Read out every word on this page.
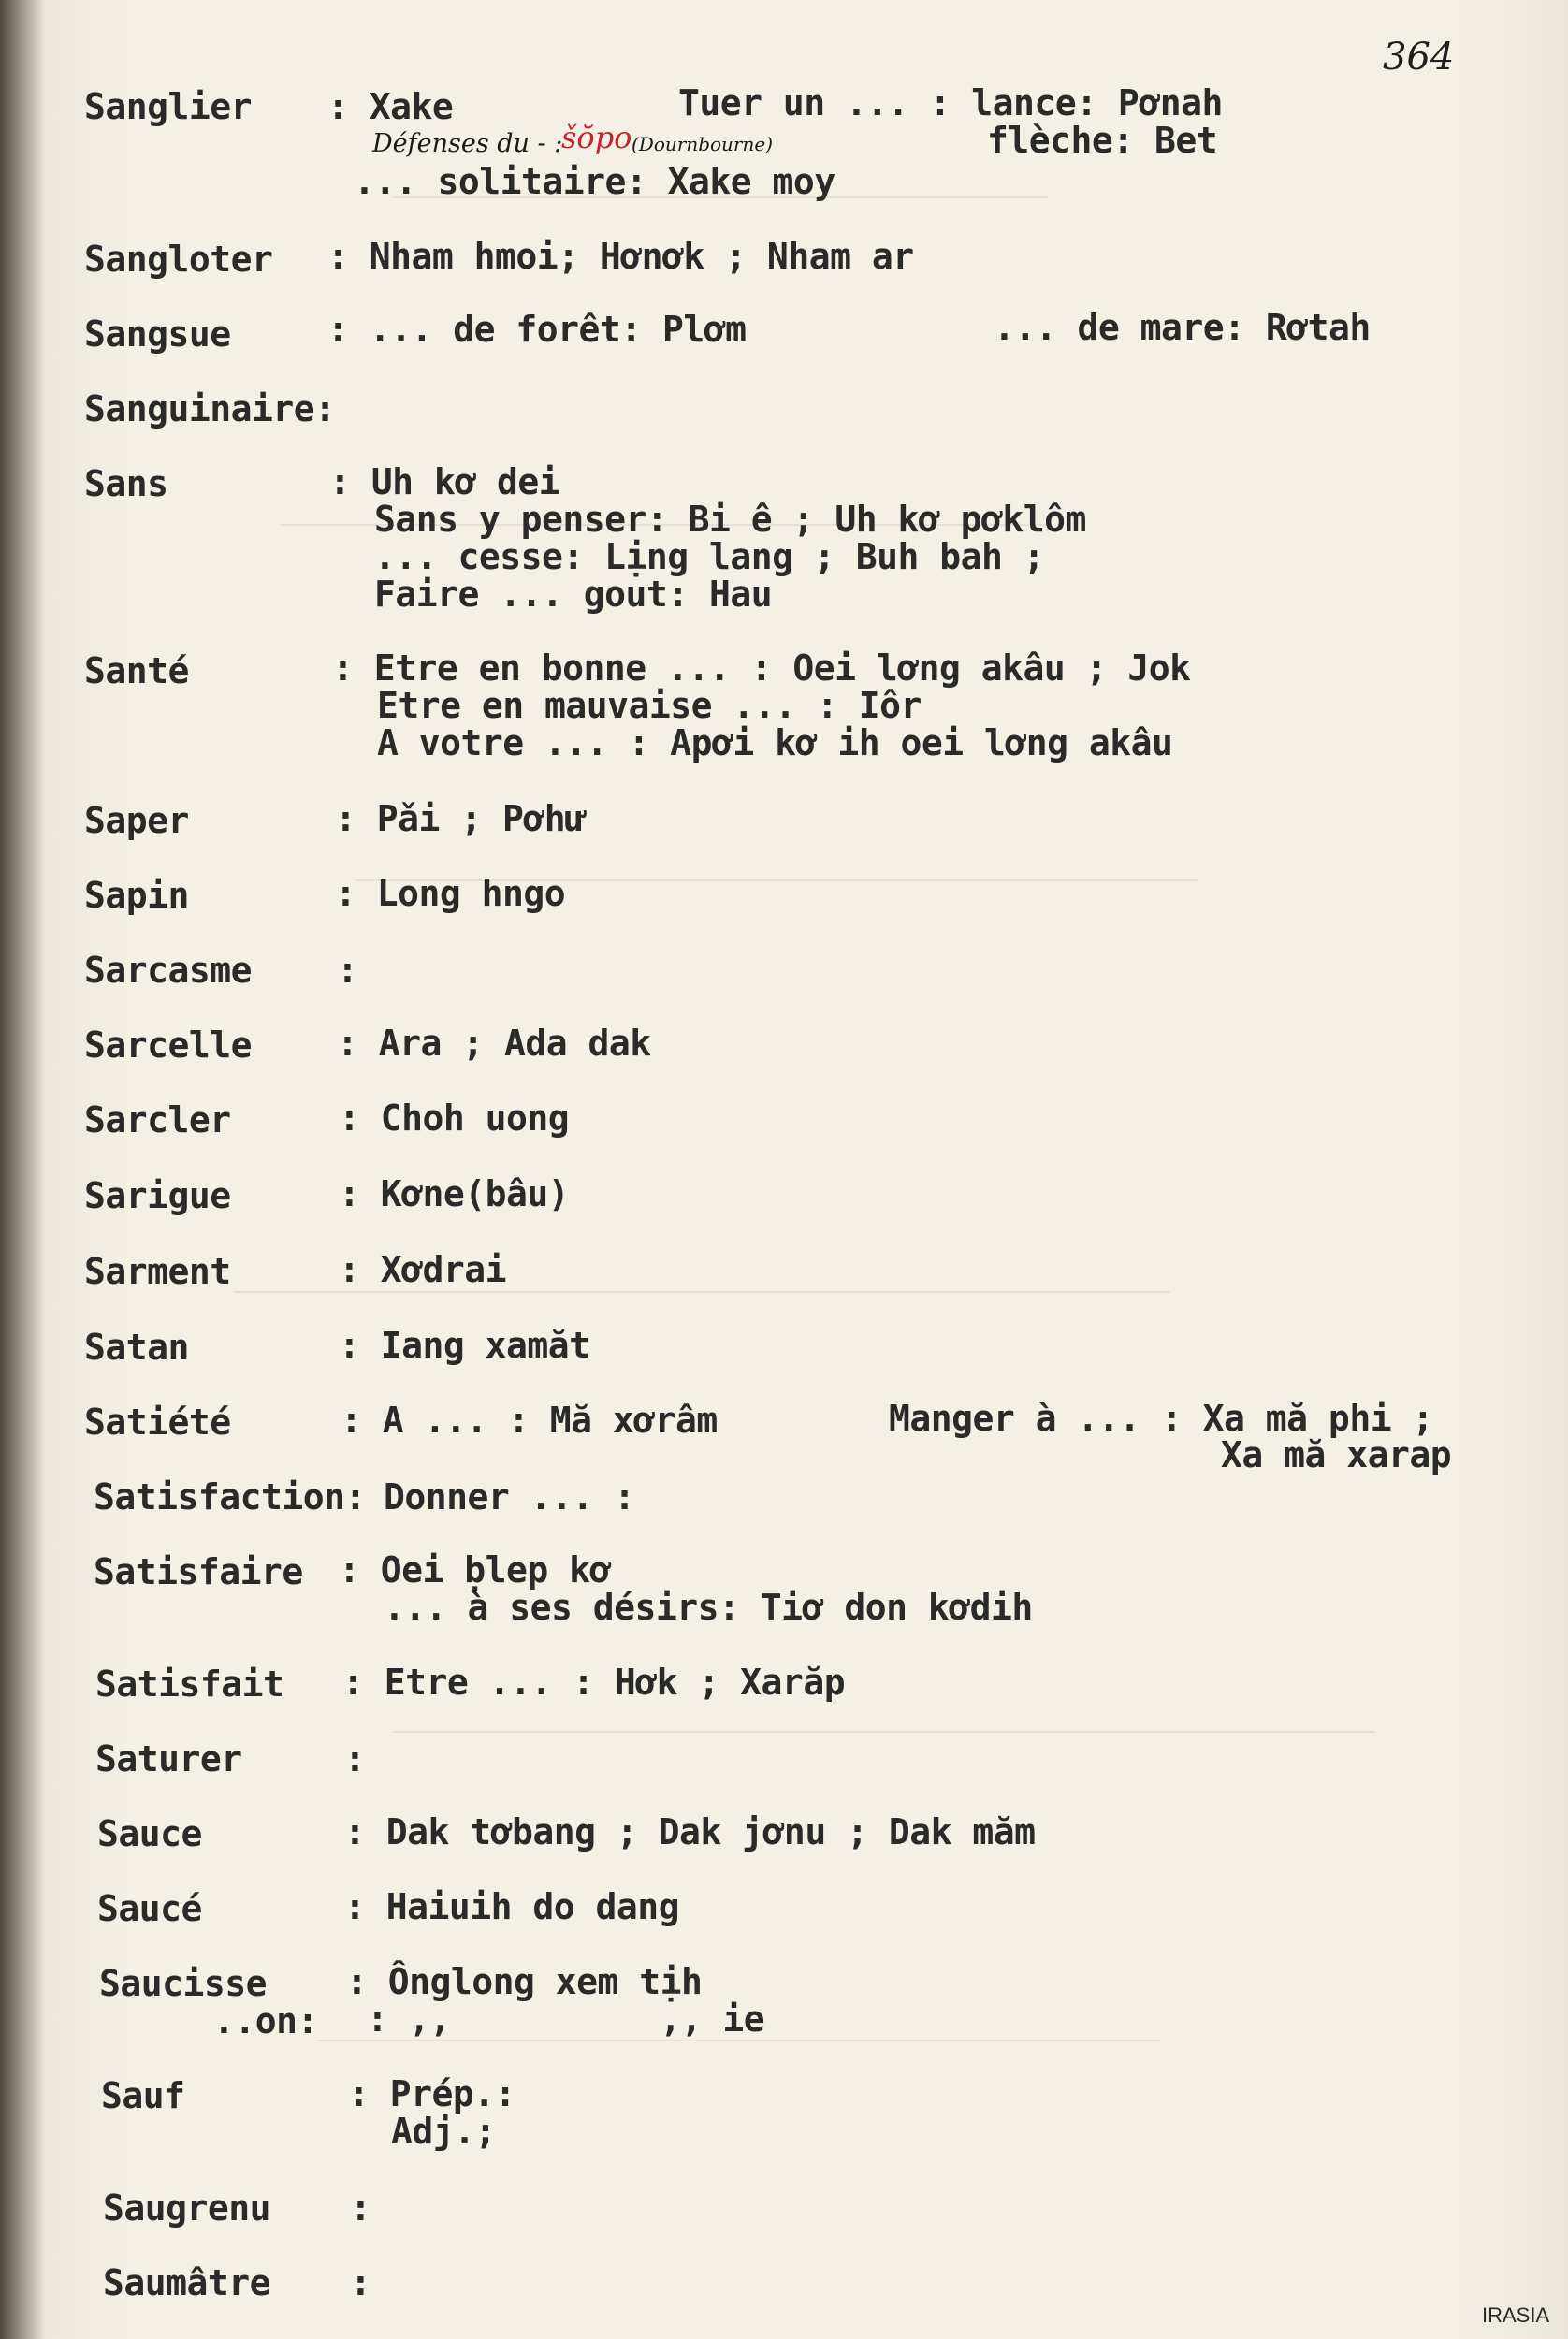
364
Sanglier : Xake	Tuer un ... : lance: Pơnah
flèche: Bet
Défenses du - :
šŏpo (Dournbourne)
... solitaire: Xake moy
Sangloter : Nham hmoi; Hơnơk ; Nham ar
Sangsue	: ... de forêt: Plơm	... de mare: Rơtah
Sanguinaire:
Sans	: Uh kơ dei
Sans y penser: Bi ê ; Uh kơ pơklôm
... cesse: Lịng lang ; Buh bah ;
Faire ... gout: Hau
Santé	: Etre en bonne ... : Oei lơng akâu ; Jok
Etre en mauvaise ... : Iôr
A votre ... : Apơi kơ ih oei lơng akâu
Saper	: Pǎi ; Pơhư
Sapin	: Long hngo
Sarcasme :
Sarcelle : Ara ; Ada dak
Sarcler	: Choh uong
Sarigue	: Kơne(bâu)
Sarment	: Xơdrai
Satan	: Iang xamăt
Satiété	: A ... : Mă xơrâm	Manger à ... : Xa mă phi ;
Xa mă xarap
Satisfaction: Donner ... :
Satisfaire : Oei ḅlep kơ
... à ses désirs: Tiơ don kơdih
Satisfait : Etre ... : Hơk ; Xarăp
Saturer	:
Sauce	: Dak tơbang ; Dak jơnu ; Dak măm
Saucé	: Haiuih do dang
Saucisse : Ônglong xem tịh
..on: : ,,          ,, ie
Sauf	: Prép.:
Adj.;
Saugrenu :
Saumâtre :
IRASIA
